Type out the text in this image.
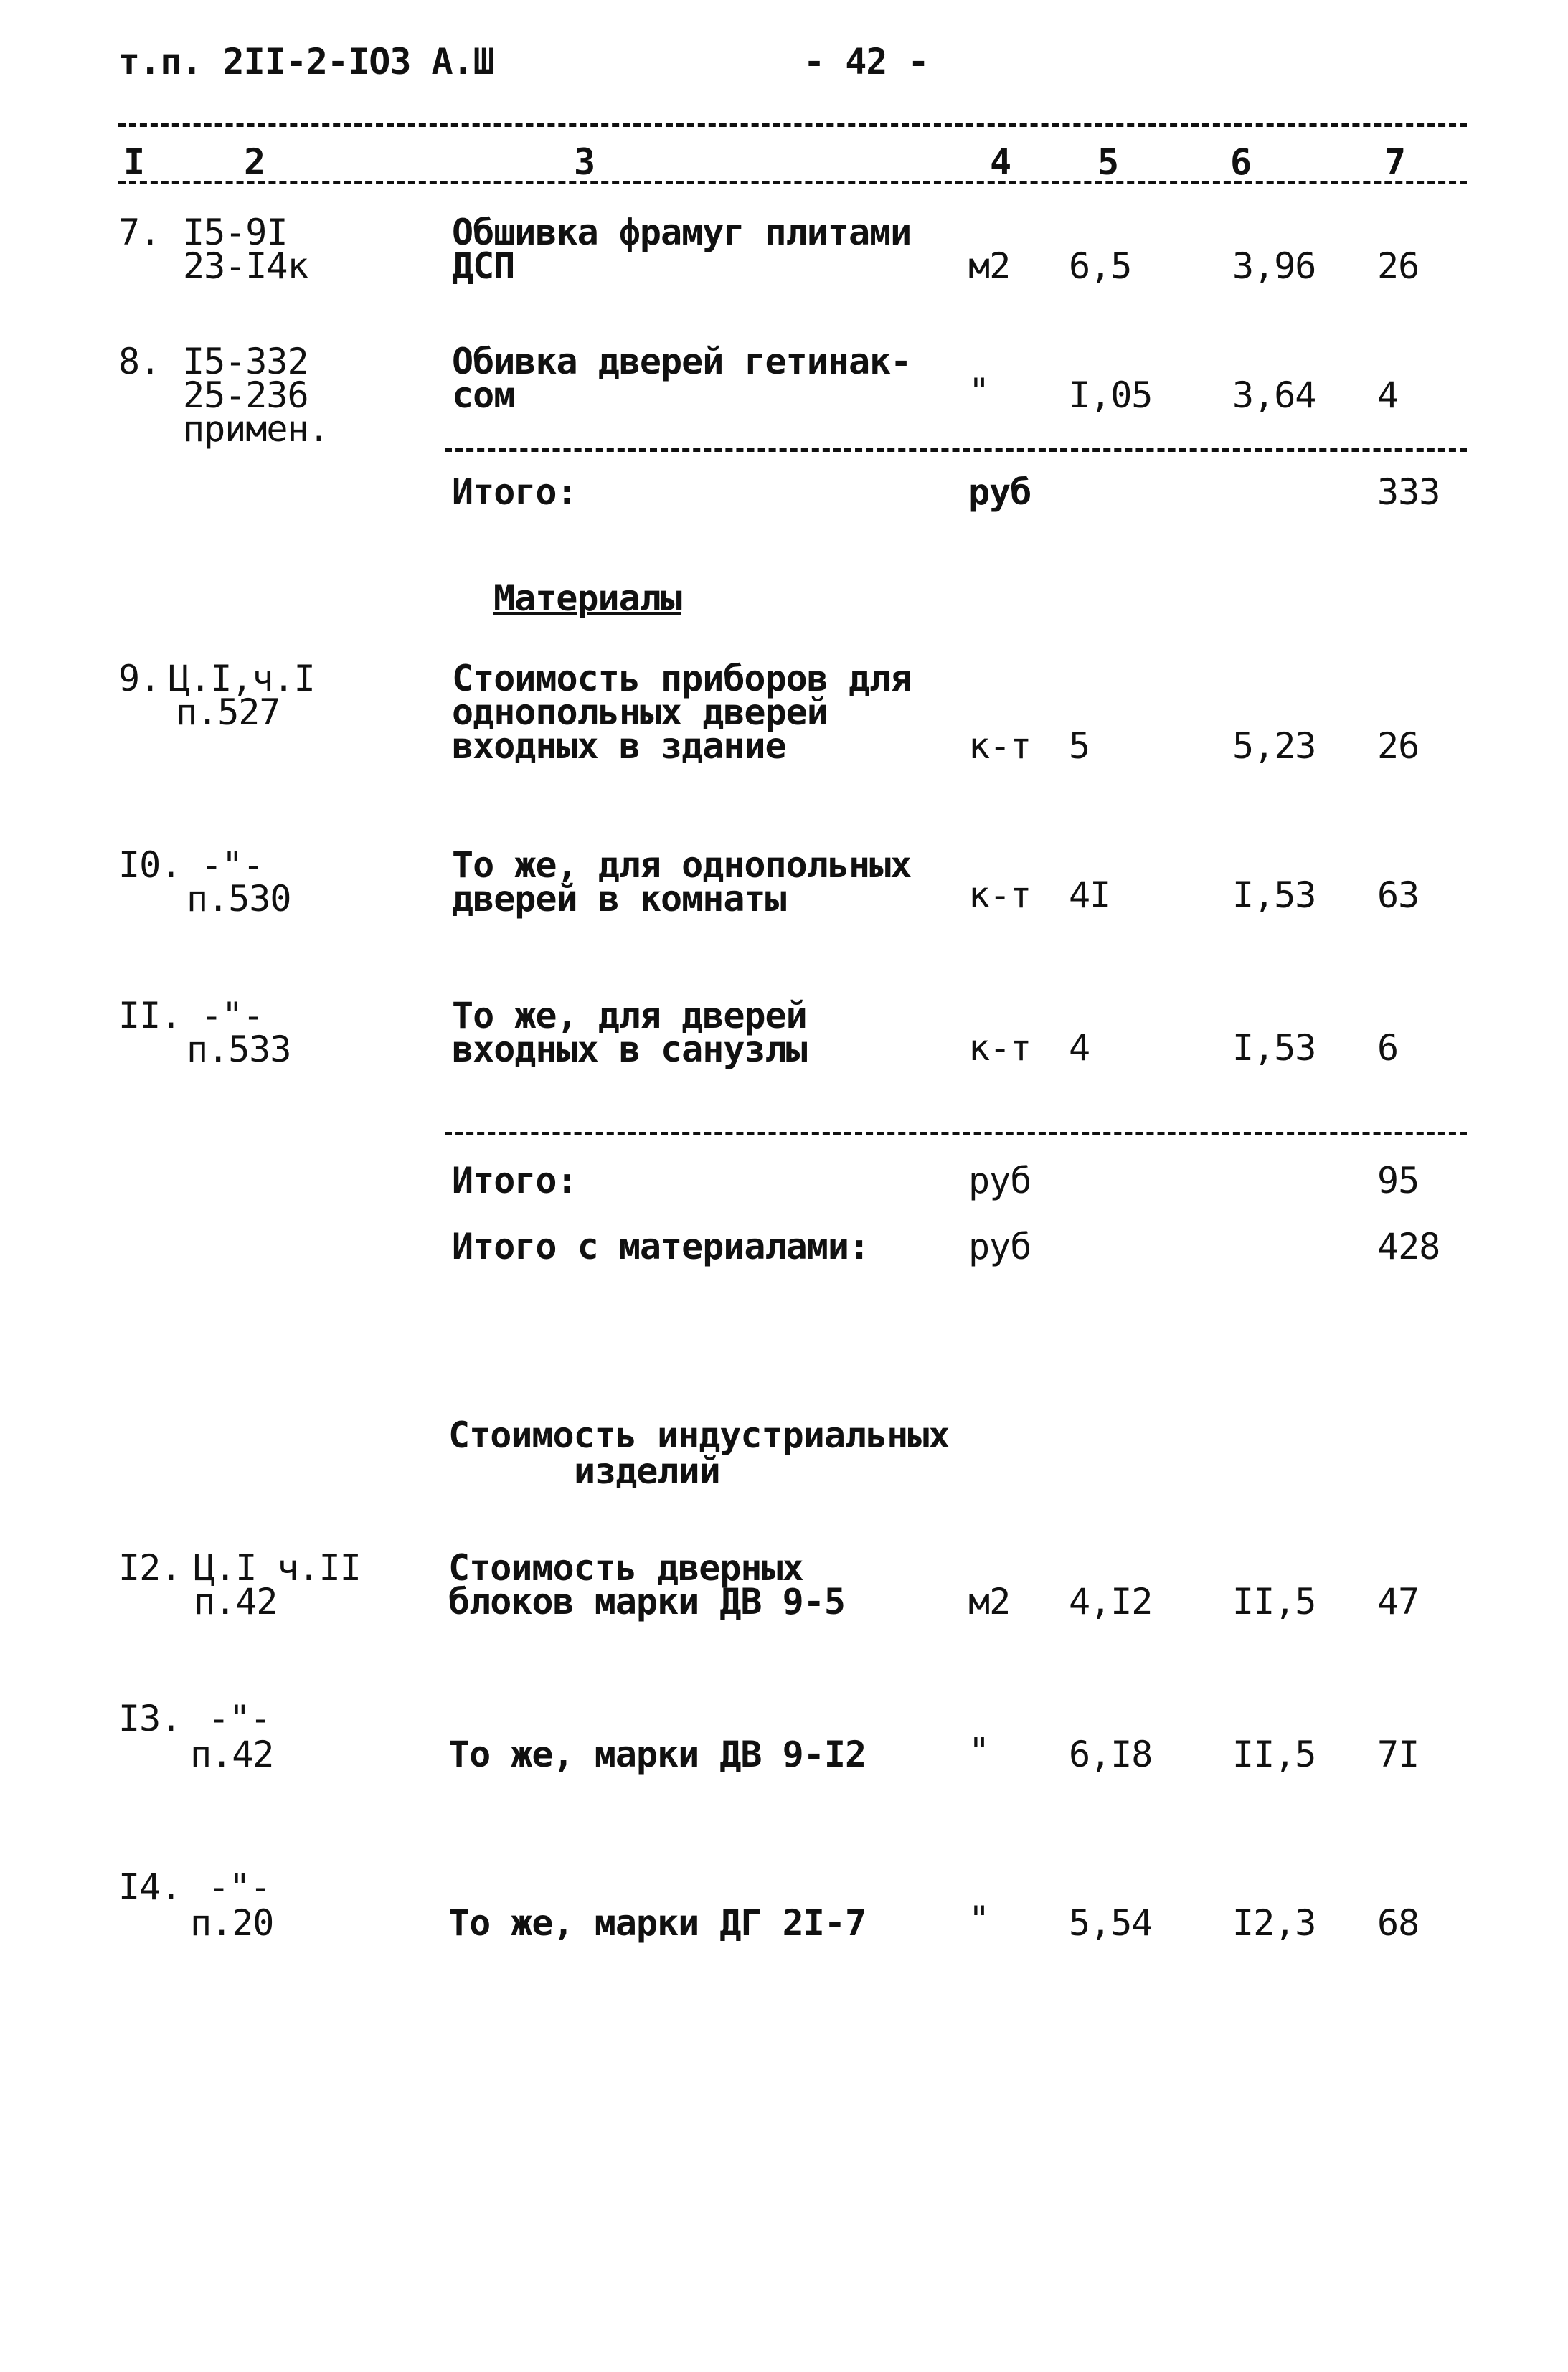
т.п. 2II-2-IO3 А.Ш	- 42 -
I	2	3	4 5	6	7
7. I5-9I
23-I4к
Обшивка фрамуг плитами
ДСП	м2 6,5	3,96 26
8. I5-332
25-236
примен.
Обивка дверей гетинак-
сом	" I,05 3,64 4
Итого:	руб	333
Материалы
9. Ц.I,ч.I
п.527
Стоимость приборов для
однопольных дверей
входных в здание	к-т 5	5,23 26
I0. -"-
п.530
То же, для однопольных
дверей в комнаты	к-т 4I	I,53 63
II. -"-
п.533
То же, для дверей
входных в санузлы	к-т 4	I,53 6
Итого:	руб	95
Итого с материалами:	руб	428
Стоимость индустриальных
изделий
I2. Ц.I ч.II
п.42
Стоимость дверных
блоков марки ДВ 9-5	м2 4,I2 II,5 47
I3. -"-
п.42	То же, марки ДВ 9-I2	" 6,I8 II,5 7I
I4. -"-
п.20	То же, марки ДГ 2I-7	" 5,54 I2,3 68
